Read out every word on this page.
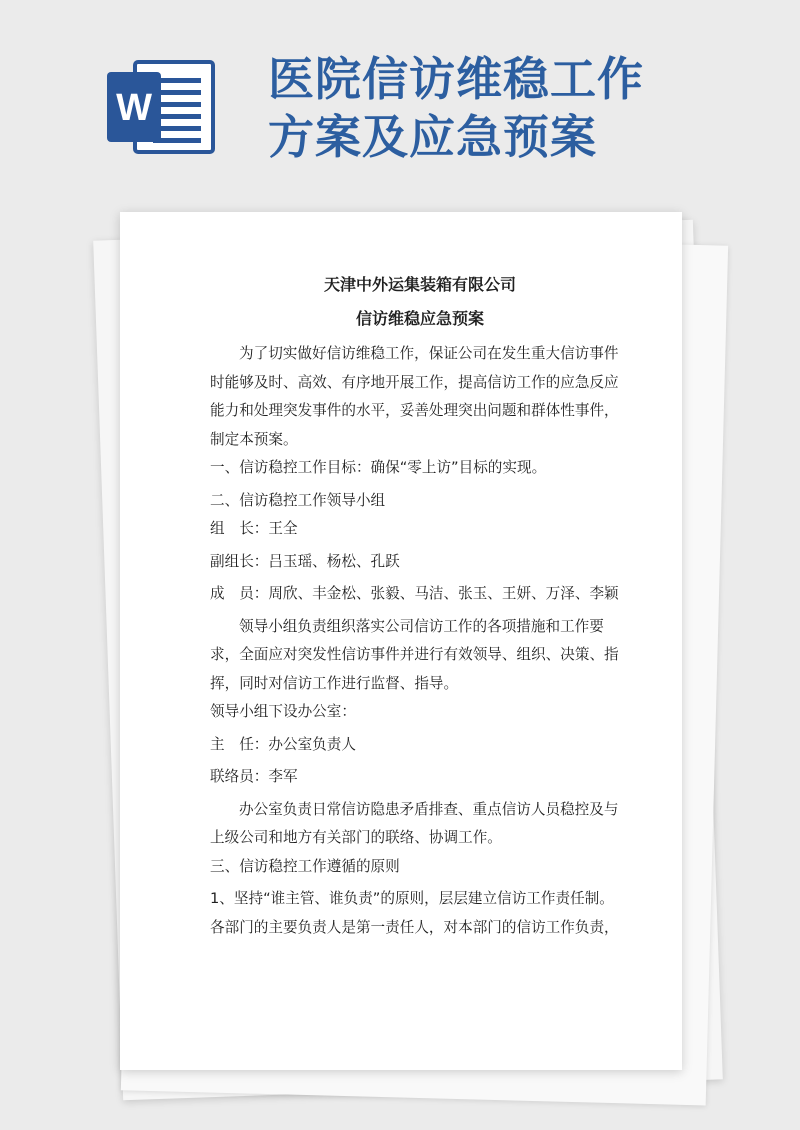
W
医院信访维稳工作
方案及应急预案

天津中外运集装箱有限公司

信访维稳应急预案

为了切实做好信访维稳工作，保证公司在发生重大信访事件

时能够及时、高效、有序地开展工作，提高信访工作的应急反应

能力和处理突发事件的水平，妥善处理突出问题和群体性事件，

制定本预案。

一、信访稳控工作目标：确保“零上访”目标的实现。

二、信访稳控工作领导小组

组　长：王全

副组长：吕玉瑶、杨松、孔跃

成　员：周欣、丰金松、张毅、马洁、张玉、王妍、万泽、李颖

领导小组负责组织落实公司信访工作的各项措施和工作要

求，全面应对突发性信访事件并进行有效领导、组织、决策、指

挥，同时对信访工作进行监督、指导。

领导小组下设办公室：

主　任：办公室负责人

联络员：李军

办公室负责日常信访隐患矛盾排查、重点信访人员稳控及与

上级公司和地方有关部门的联络、协调工作。

三、信访稳控工作遵循的原则

1、坚持“谁主管、谁负责”的原则，层层建立信访工作责任制。

各部门的主要负责人是第一责任人，对本部门的信访工作负责，
